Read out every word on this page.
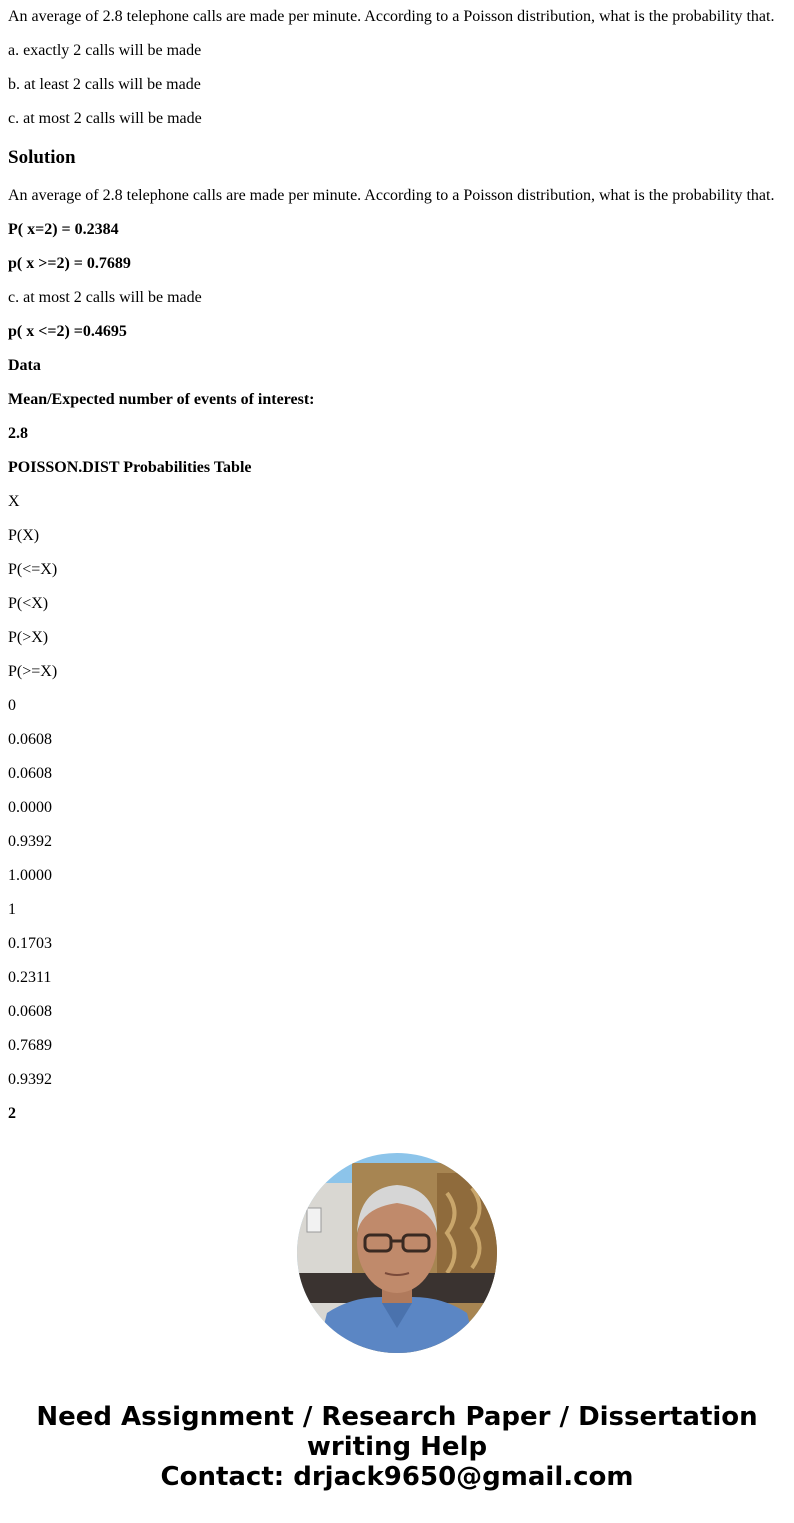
An average of 2.8 telephone calls are made per minute. According to a Poisson distribution, what is the probability that.
a. exactly 2 calls will be made
b. at least 2 calls will be made
c. at most 2 calls will be made
Solution
An average of 2.8 telephone calls are made per minute. According to a Poisson distribution, what is the probability that.
P( x=2) = 0.2384
p( x >=2) = 0.7689
c. at most 2 calls will be made
p( x <=2) =0.4695
Data
Mean/Expected number of events of interest:
2.8
POISSON.DIST Probabilities Table
X
P(X)
P(<=X)
P(<X)
P(>X)
P(>=X)
0
0.0608
0.0608
0.0000
0.9392
1.0000
1
0.1703
0.2311
0.0608
0.7689
0.9392
2
Need Assignment / Research Paper / Dissertation
writing Help
Contact: drjack9650@gmail.com
